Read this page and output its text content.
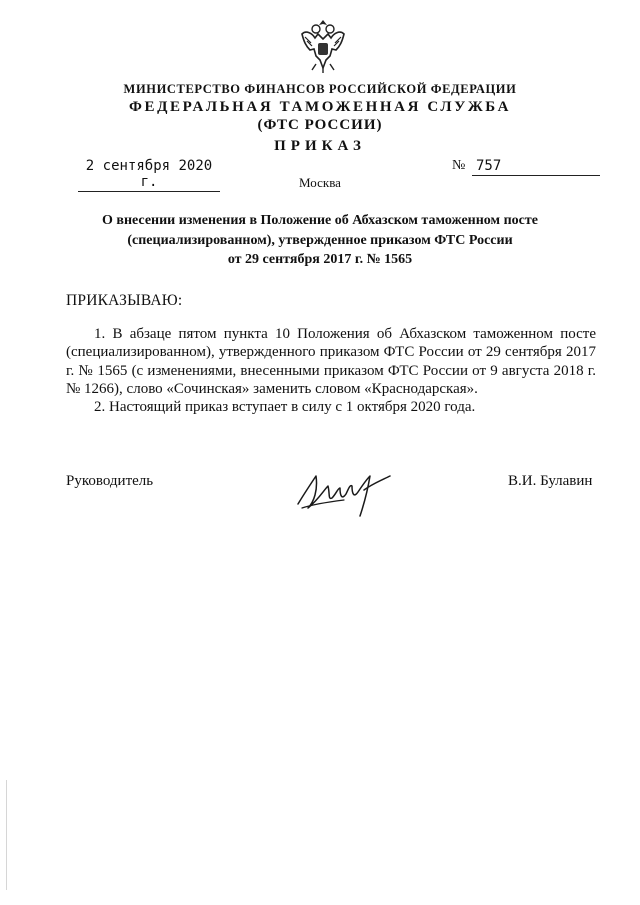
МИНИСТЕРСТВО ФИНАНСОВ РОССИЙСКОЙ ФЕДЕРАЦИИ
ФЕДЕРАЛЬНАЯ ТАМОЖЕННАЯ СЛУЖБА
(ФТС РОССИИ)
ПРИКАЗ
2 сентября 2020 г.
№ 757
Москва
О внесении изменения в Положение об Абхазском таможенном посте
(специализированном), утвержденное приказом ФТС России
от 29 сентября 2017 г. № 1565
ПРИКАЗЫВАЮ:

1. В абзаце пятом пункта 10 Положения об Абхазском таможенном посте (специализированном), утвержденного приказом ФТС России от 29 сентября 2017 г. № 1565 (с изменениями, внесенными приказом ФТС России от 9 августа 2018 г. № 1266), слово «Сочинская» заменить словом «Краснодарская».

2. Настоящий приказ вступает в силу с 1 октября 2020 года.

Руководитель	В.И. Булавин
